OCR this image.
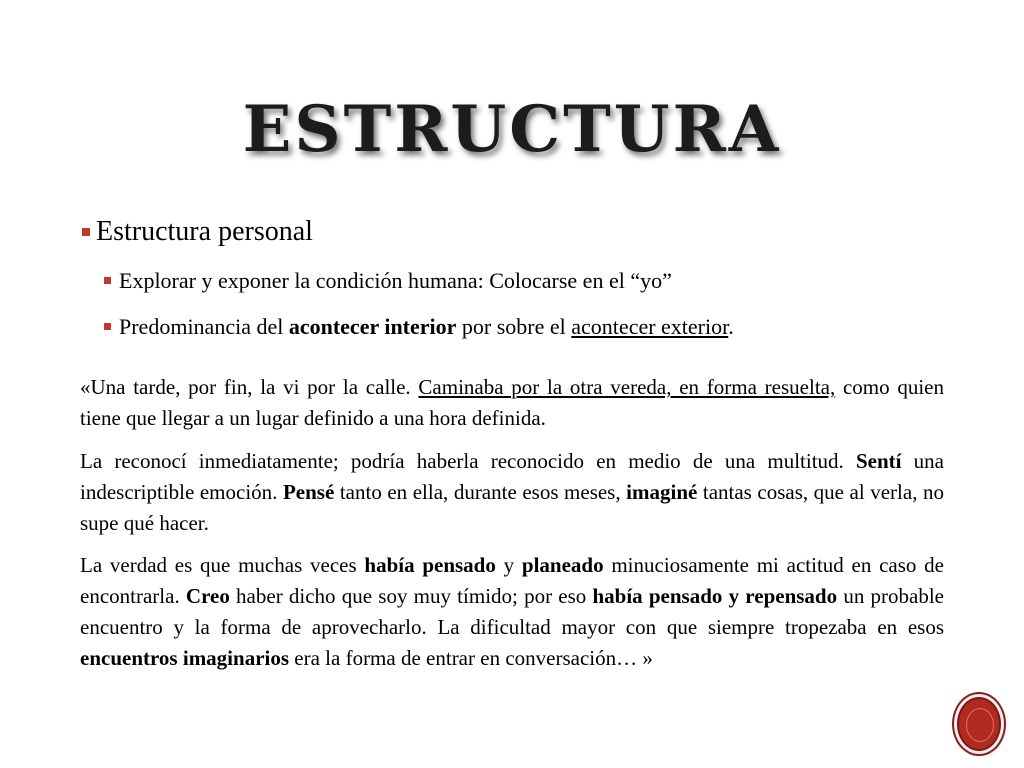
ESTRUCTURA
Estructura personal
Explorar y exponer la condición humana: Colocarse en el “yo”
Predominancia del acontecer interior por sobre el acontecer exterior.
«Una tarde, por fin, la vi por la calle. Caminaba por la otra vereda, en forma resuelta, como quien tiene que llegar a un lugar definido a una hora definida.
La reconocí inmediatamente; podría haberla reconocido en medio de una multitud. Sentí una indescriptible emoción. Pensé tanto en ella, durante esos meses, imaginé tantas cosas, que al verla, no supe qué hacer.
La verdad es que muchas veces había pensado y planeado minuciosamente mi actitud en caso de encontrarla. Creo haber dicho que soy muy tímido; por eso había pensado y repensado un probable encuentro y la forma de aprovecharlo. La dificultad mayor con que siempre tropezaba en esos encuentros imaginarios era la forma de entrar en conversación… »
